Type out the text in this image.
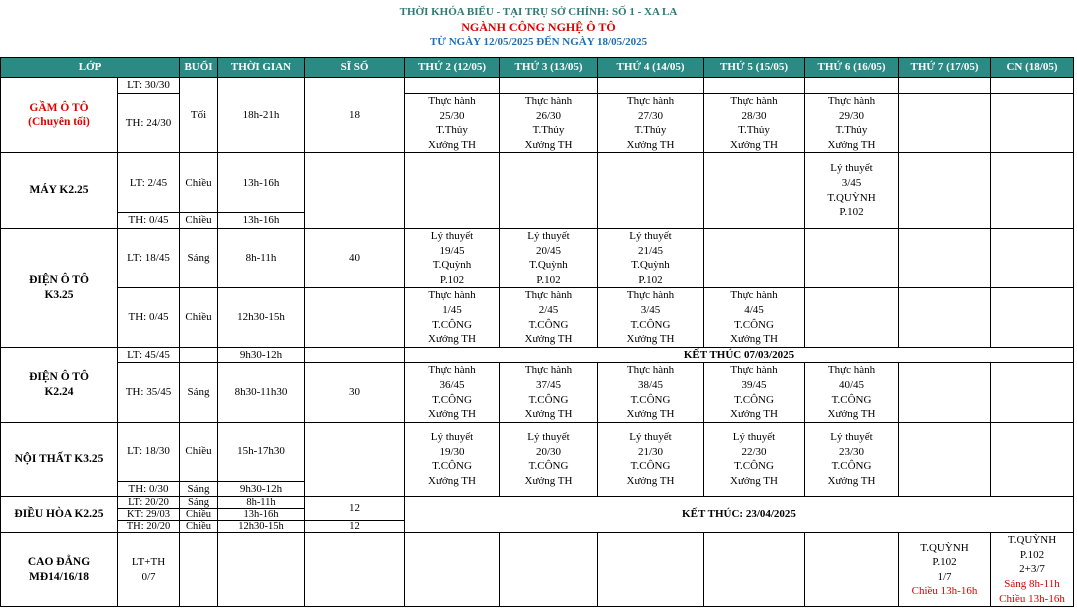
THỜI KHÓA BIỂU - TẠI TRỤ SỞ CHÍNH: SỐ 1 - XA LA
NGÀNH CÔNG NGHỆ Ô TÔ
TỪ NGÀY 12/05/2025 ĐẾN NGÀY 18/05/2025
LỚP		BUỔI	THỜI GIAN	SĨ SỐ	THỨ 2 (12/05)	THỨ 3 (13/05)	THỨ 4 (14/05)	THỨ 5 (15/05)	THỨ 6 (16/05)	THỨ 7 (17/05)	CN (18/05)

GẦM Ô TÔ
(Chuyên tối)	LT: 30/30	Tối	18h-21h	18							
	TH: 24/30				Thực hành
25/30
T.Thủy
Xưởng TH	Thực hành
26/30
T.Thủy
Xưởng TH	Thực hành
27/30
T.Thủy
Xưởng TH	Thực hành
28/30
T.Thủy
Xưởng TH	Thực hành
29/30
T.Thủy
Xưởng TH		
MÁY K2.25	LT: 2/45	Chiều	13h-16h						Lý thuyết
3/45
T.QUỲNH
P.102		
	TH: 0/45	Chiều	13h-16h								
ĐIỆN Ô TÔ
K3.25	LT: 18/45	Sáng	8h-11h	40	Lý thuyết
19/45
T.Quỳnh
P.102	Lý thuyết
20/45
T.Quỳnh
P.102	Lý thuyết
21/45
T.Quỳnh
P.102				
	TH: 0/45	Chiều	12h30-15h		Thực hành
1/45
T.CÔNG
Xưởng TH	Thực hành
2/45
T.CÔNG
Xưởng TH	Thực hành
3/45
T.CÔNG
Xưởng TH	Thực hành
4/45
T.CÔNG
Xưởng TH			
ĐIỆN Ô TÔ
K2.24	LT: 45/45		9h30-12h		KẾT THÚC 07/03/2025						
	TH: 35/45	Sáng	8h30-11h30	30	Thực hành
36/45
T.CÔNG
Xưởng TH	Thực hành
37/45
T.CÔNG
Xưởng TH	Thực hành
38/45
T.CÔNG
Xưởng TH	Thực hành
39/45
T.CÔNG
Xưởng TH	Thực hành
40/45
T.CÔNG
Xưởng TH		
NỘI THẤT K3.25	LT: 18/30	Chiều	15h-17h30		Lý thuyết
19/30
T.CÔNG
Xưởng TH	Lý thuyết
20/30
T.CÔNG
Xưởng TH	Lý thuyết
21/30
T.CÔNG
Xưởng TH	Lý thuyết
22/30
T.CÔNG
Xưởng TH	Lý thuyết
23/30
T.CÔNG
Xưởng TH		
	TH: 0/30	Sáng	9h30-12h								
ĐIỀU HÒA K2.25	LT: 20/20	Sáng	8h-11h	12	KẾT THÚC: 23/04/2025						
	KT: 29/03	Chiều	13h-16h								
	TH: 20/20	Chiều	12h30-15h	12							
CAO ĐẲNG
MĐ14/16/18	LT+TH
0/7									T.QUỲNH
P.102
1/7
Chiều 13h-16h	T.QUỲNH
P.102
2+3/7
Sáng 8h-11h
Chiều 13h-16h
